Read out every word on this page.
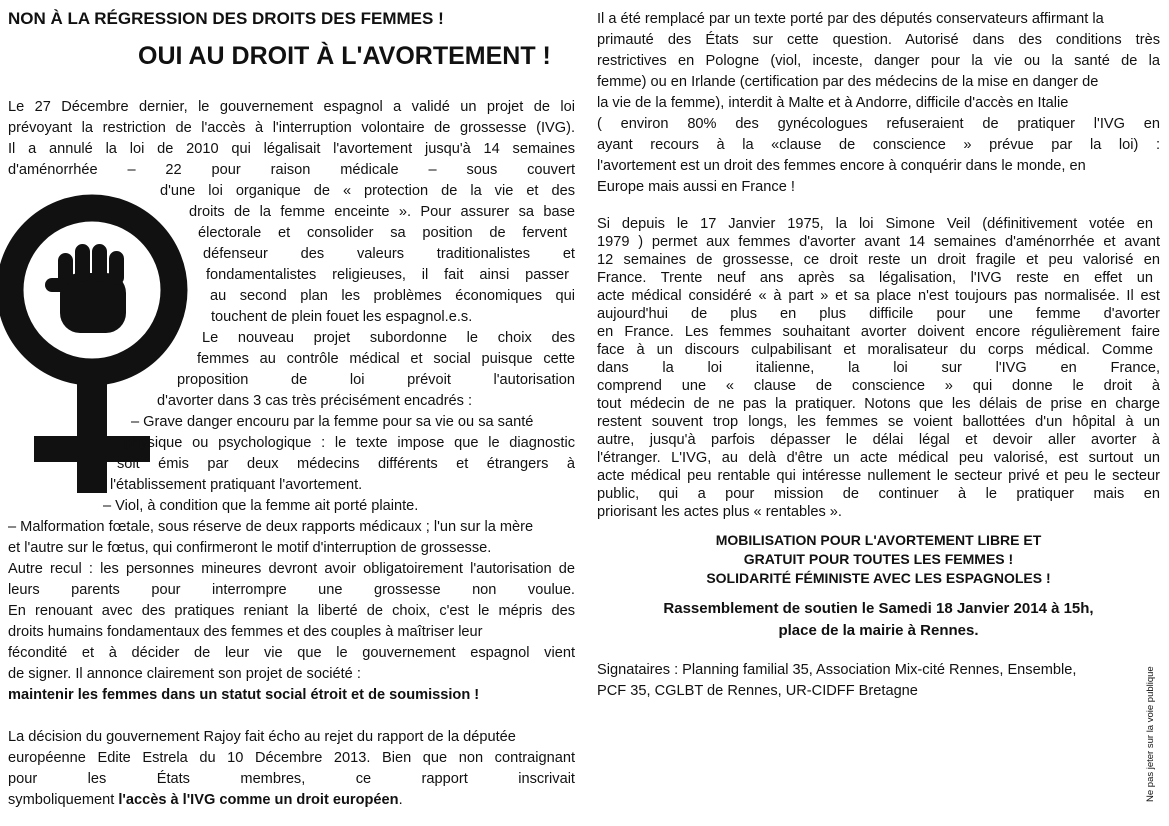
NON À LA RÉGRESSION DES DROITS DES FEMMES !
OUI AU DROIT À L'AVORTEMENT !
Le 27 Décembre dernier, le gouvernement espagnol a validé un projet de loi
prévoyant la restriction de l'accès à l'interruption volontaire de grossesse (IVG).
Il a annulé la loi de 2010 qui légalisait l'avortement jusqu'à 14 semaines
d'aménorrhée – 22 pour raison médicale – sous couvert
d'une loi organique de « protection de la vie et des
droits de la femme enceinte ». Pour assurer sa base
électorale et consolider sa position de fervent
défenseur des valeurs traditionalistes et
fondamentalistes religieuses, il fait ainsi passer
au second plan les problèmes économiques qui
touchent de plein fouet les espagnol.e.s.
Le nouveau projet subordonne le choix des
femmes au contrôle médical et social puisque cette
proposition de loi prévoit l'autorisation
d'avorter dans 3 cas très précisément encadrés :
– Grave danger encouru par la femme pour sa vie ou sa santé
physique ou psychologique : le texte impose que le diagnostic
soit émis par deux médecins différents et étrangers à
l'établissement pratiquant l'avortement.
– Viol, à condition que la femme ait porté plainte.
– Malformation fœtale, sous réserve de deux rapports médicaux ; l'un sur la mère
et l'autre sur le fœtus, qui confirmeront le motif d'interruption de grossesse.
Autre recul : les personnes mineures devront avoir obligatoirement l'autorisation de
leurs parents pour interrompre une grossesse non voulue.
En renouant avec des pratiques reniant la liberté de choix, c'est le mépris des
droits humains fondamentaux des femmes et des couples à maîtriser leur
fécondité et à décider de leur vie que le gouvernement espagnol vient
de signer. Il annonce clairement son projet de société :
maintenir les femmes dans un statut social étroit et de soumission !
La décision du gouvernement Rajoy fait écho au rejet du rapport de la députée
européenne Edite Estrela du 10 Décembre 2013. Bien que non contraignant
pour les États membres, ce rapport inscrivait
symboliquement l'accès à l'IVG comme un droit européen.
Il a été remplacé par un texte porté par des députés conservateurs affirmant la
primauté des États sur cette question. Autorisé dans des conditions très
restrictives en Pologne (viol, inceste, danger pour la vie ou la santé de la
femme) ou en Irlande (certification par des médecins de la mise en danger de
la vie de la femme), interdit à Malte et à Andorre, difficile d'accès en Italie
( environ 80% des gynécologues refuseraient de pratiquer l'IVG en
ayant recours à la «clause de conscience » prévue par la loi) :
l'avortement est un droit des femmes encore à conquérir dans le monde, en
Europe mais aussi en France !
Si depuis le 17 Janvier 1975, la loi Simone Veil (définitivement votée en
1979 ) permet aux femmes d'avorter avant 14 semaines d'aménorrhée et avant
12 semaines de grossesse, ce droit reste un droit fragile et peu valorisé en
France. Trente neuf ans après sa légalisation, l'IVG reste en effet un
acte médical considéré « à part » et sa place n'est toujours pas normalisée. Il est
aujourd'hui de plus en plus difficile pour une femme d'avorter
en France. Les femmes souhaitant avorter doivent encore régulièrement faire
face à un discours culpabilisant et moralisateur du corps médical. Comme
dans la loi italienne, la loi sur l'IVG en France,
comprend une « clause de conscience » qui donne le droit à
tout médecin de ne pas la pratiquer. Notons que les délais de prise en charge
restent souvent trop longs, les femmes se voient ballottées d'un hôpital à un
autre, jusqu'à parfois dépasser le délai légal et devoir aller avorter à
l'étranger. L'IVG, au delà d'être un acte médical peu valorisé, est surtout un
acte médical peu rentable qui intéresse nullement le secteur privé et peu le secteur
public, qui a pour mission de continuer à le pratiquer mais en
priorisant les actes plus « rentables ».
MOBILISATION POUR L'AVORTEMENT LIBRE ET
GRATUIT POUR TOUTES LES FEMMES !
SOLIDARITÉ FÉMINISTE AVEC LES ESPAGNOLES !
Rassemblement de soutien le Samedi 18 Janvier 2014 à 15h,
place de la mairie à Rennes.
Signataires : Planning familial 35, Association Mix-cité Rennes, Ensemble,
PCF 35, CGLBT de Rennes, UR-CIDFF Bretagne	Ne pas jeter sur la voie publique
